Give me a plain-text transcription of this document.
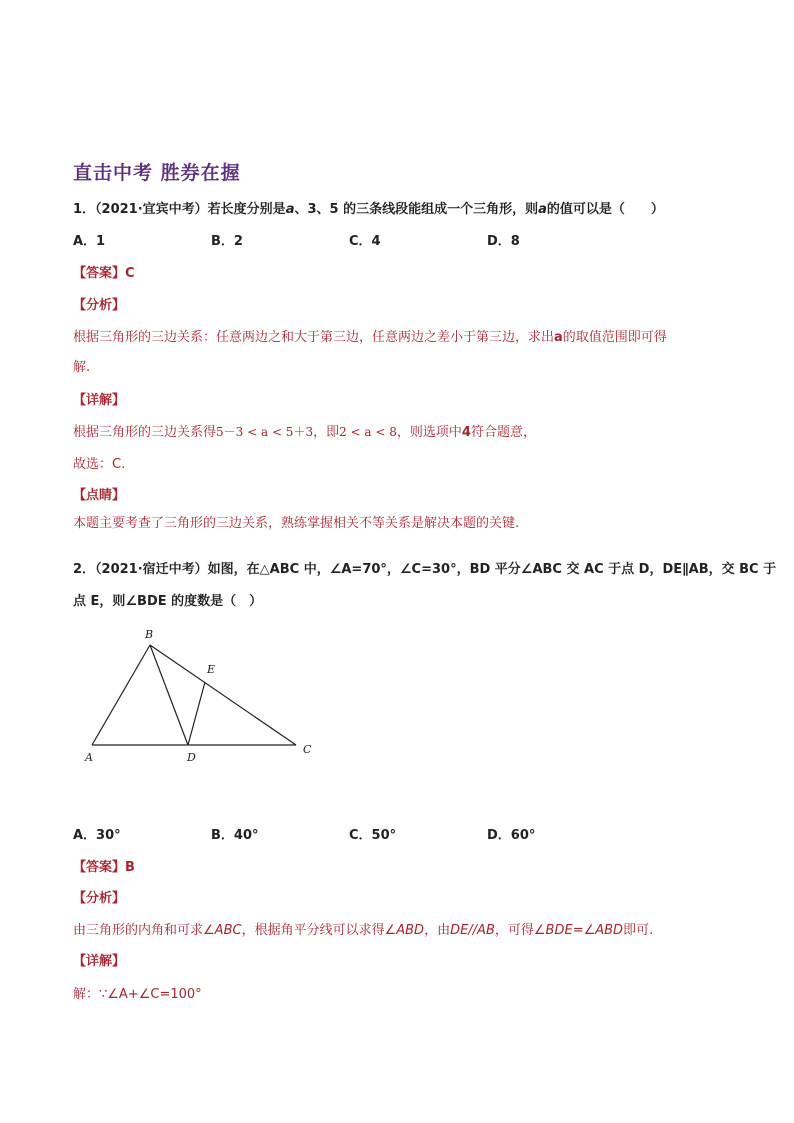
直击中考 胜券在握
1．（2021·宜宾中考）若长度分别是a、3、5 的三条线段能组成一个三角形，则a的值可以是（　　）
A．1	B．2	C．4	D．8
【答案】C
【分析】
根据三角形的三边关系：任意两边之和大于第三边，任意两边之差小于第三边，求出a的取值范围即可得
解.
【详解】
根据三角形的三边关系得5－3 < a < 5＋3，即2 < a < 8，则选项中4符合题意，
故选：C.
【点睛】
本题主要考查了三角形的三边关系，熟练掌握相关不等关系是解决本题的关键.
2．（2021·宿迁中考）如图，在△ABC 中，∠A=70°，∠C=30°，BD 平分∠ABC 交 AC 于点 D，DE∥AB，交 BC 于
点 E，则∠BDE 的度数是（　）
A
B
C
D
E
A．30°	B．40°	C．50°	D．60°
【答案】B
【分析】
由三角形的内角和可求∠ABC，根据角平分线可以求得∠ABD，由DE//AB，可得∠BDE=∠ABD即可.
【详解】
解：∵∠A+∠C=100°
